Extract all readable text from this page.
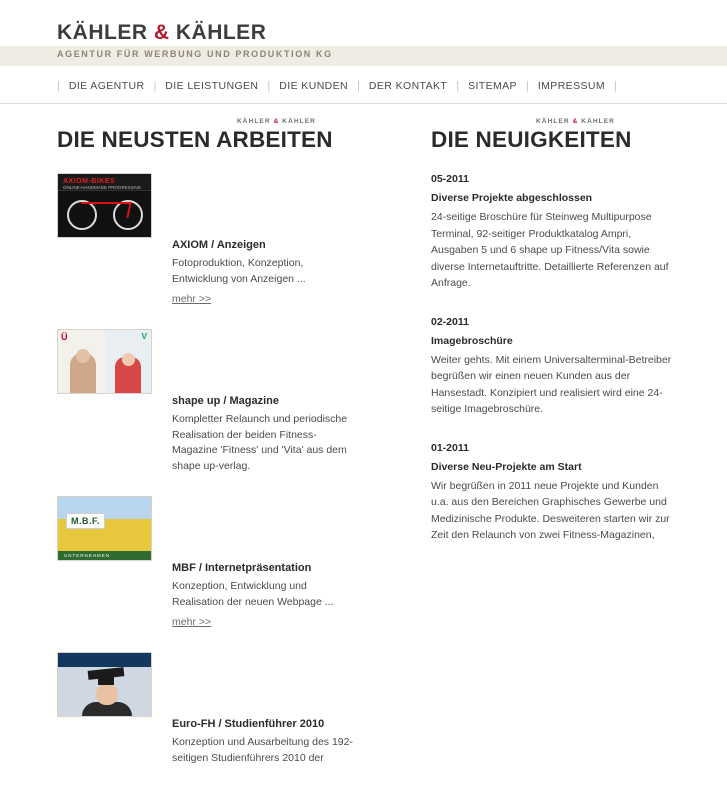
KÄHLER & KÄHLER
AGENTUR FÜR WERBUNG UND PRODUKTION KG
| DIE AGENTUR | DIE LEISTUNGEN | DIE KUNDEN | DER KONTAKT | SITEMAP | IMPRESSUM |
KÄHLER & KÄHLER
DIE NEUSTEN ARBEITEN
AXIOM-BIKES
ONLINE-HANDMADE PROGRESSIVE
AXIOM / Anzeigen
Fotoproduktion, Konzeption, Entwicklung von Anzeigen ...
mehr >>
Ü	V
shape up / Magazine
Kompletter Relaunch und periodische Realisation der beiden Fitness-Magazine 'Fitness' und 'Vita' aus dem shape up-verlag.
M.B.F.
UNTERNEHMEN
MBF / Internetpräsentation
Konzeption, Entwicklung und Realisation der neuen Webpage ...
mehr >>
Euro-FH / Studienführer 2010
Konzeption und Ausarbeitung des 192-seitigen Studienführers 2010 der
KÄHLER & KÄHLER
DIE NEUIGKEITEN
05-2011
Diverse Projekte abgeschlossen
24-seitige Broschüre für Steinweg Multipurpose Terminal, 92-seitiger Produktkatalog Ampri, Ausgaben 5 und 6 shape up Fitness/Vita sowie diverse Internetauftritte. Detaillierte Referenzen auf Anfrage.
02-2011
Imagebroschüre
Weiter gehts. Mit einem Universalterminal-Betreiber begrüßen wir einen neuen Kunden aus der Hansestadt. Konzipiert und realisiert wird eine 24-seitige Imagebroschüre.
01-2011
Diverse Neu-Projekte am Start
Wir begrüßen in 2011 neue Projekte und Kunden u.a. aus den Bereichen Graphisches Gewerbe und Medizinische Produkte. Desweiteren starten wir zur Zeit den Relaunch von zwei Fitness-Magazinen,
